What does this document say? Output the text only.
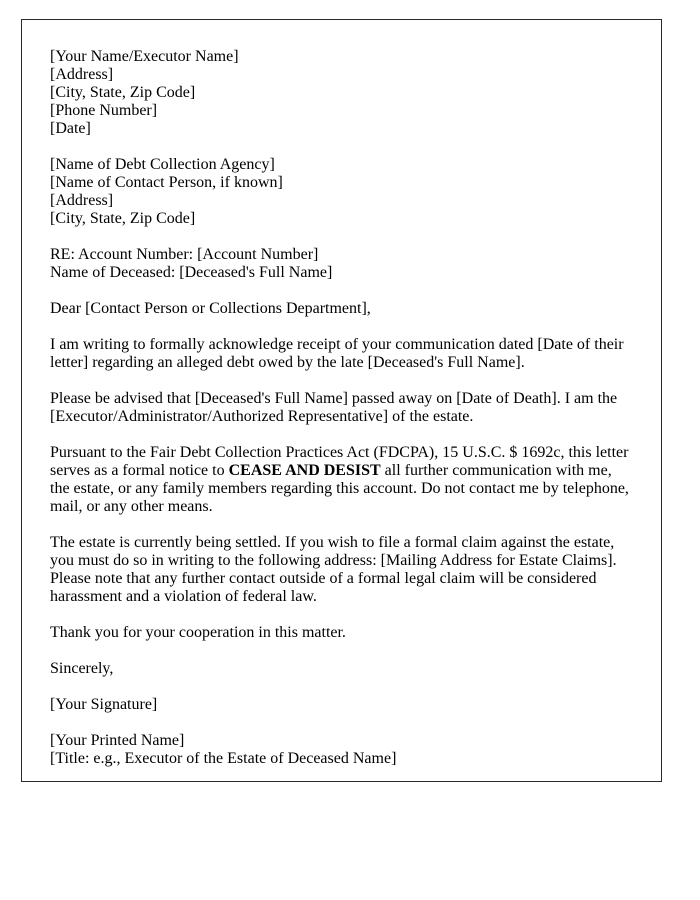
[Your Name/Executor Name]
[Address]
[City, State, Zip Code]
[Phone Number]
[Date]
[Name of Debt Collection Agency]
[Name of Contact Person, if known]
[Address]
[City, State, Zip Code]
RE: Account Number: [Account Number]
Name of Deceased: [Deceased's Full Name]

Dear [Contact Person or Collections Department],

I am writing to formally acknowledge receipt of your communication dated [Date of their letter] regarding an alleged debt owed by the late [Deceased's Full Name].

Please be advised that [Deceased's Full Name] passed away on [Date of Death]. I am the [Executor/Administrator/Authorized Representative] of the estate.

Pursuant to the Fair Debt Collection Practices Act (FDCPA), 15 U.S.C. $ 1692c, this letter serves as a formal notice to CEASE AND DESIST all further communication with me, the estate, or any family members regarding this account. Do not contact me by telephone, mail, or any other means.

The estate is currently being settled. If you wish to file a formal claim against the estate, you must do so in writing to the following address: [Mailing Address for Estate Claims]. Please note that any further contact outside of a formal legal claim will be considered harassment and a violation of federal law.

Thank you for your cooperation in this matter.

Sincerely,

[Your Signature]

[Your Printed Name]
[Title: e.g., Executor of the Estate of Deceased Name]
